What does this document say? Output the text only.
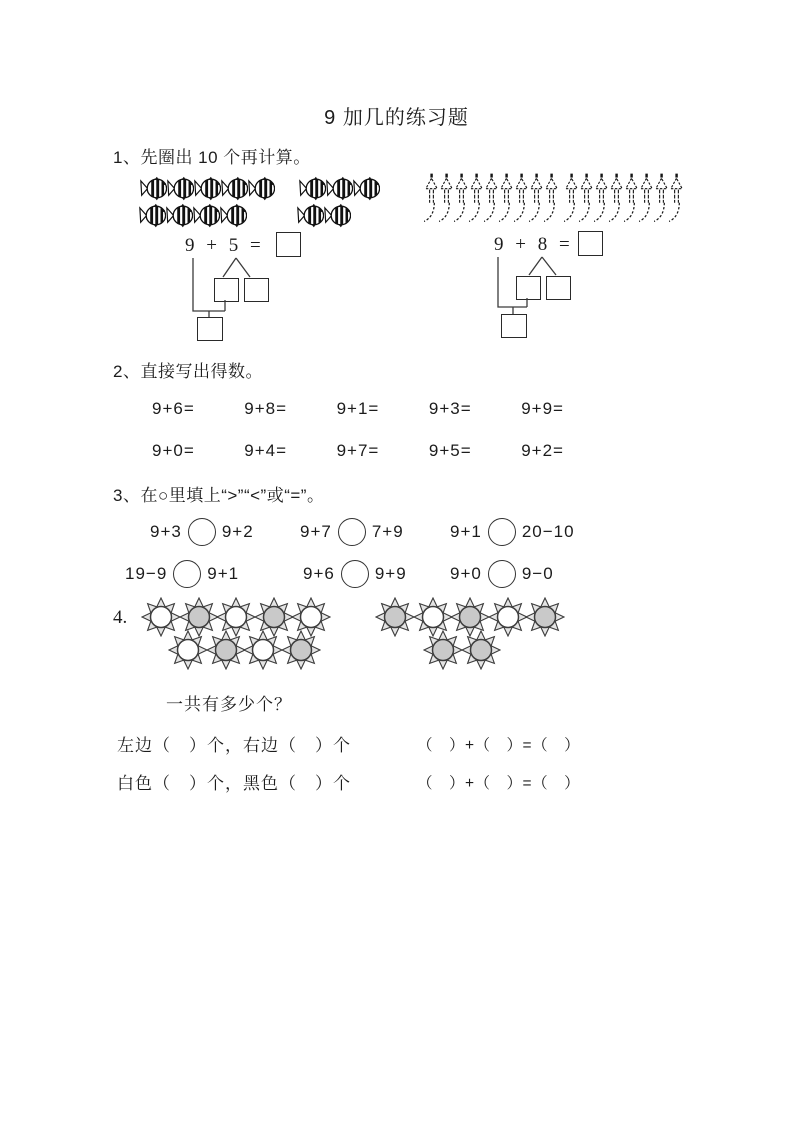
9 加几的练习题
1、先圈出 10 个再计算。
9 + 5 =	9 + 8 =
2、直接写出得数。
9+6=	9+8=	9+1=	9+3=	9+9=
9+0=	9+4=	9+7=	9+5=	9+2=
3、在○里填上“>”“<”或“=”。
9+3 9+2	9+7 7+9	9+1 20−10
19−9 9+1	9+6 9+9	9+0 9−0
4.
一共有多少个？
左边（　）个，右边（　）个	（　）+（　）=（　）
白色（　）个，黑色（　）个	（　）+（　）=（　）
